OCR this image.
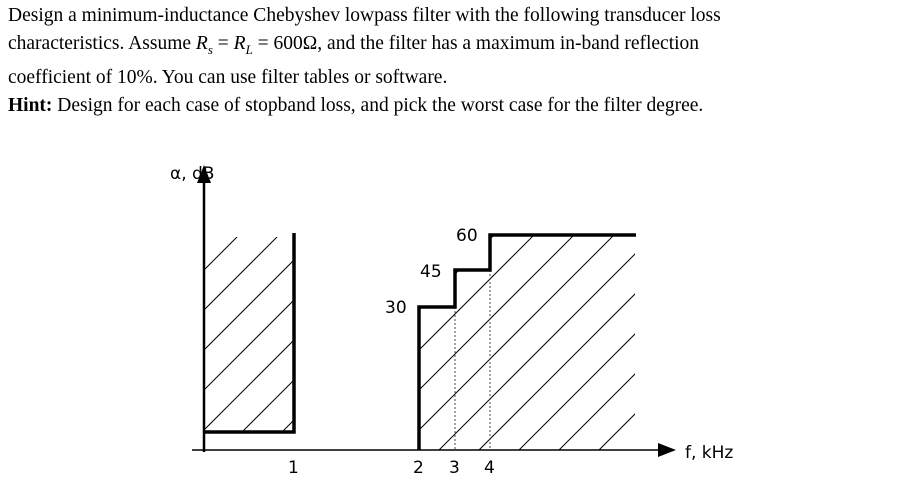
Design a minimum-inductance Chebyshev lowpass filter with the following transducer loss

characteristics. Assume $R_s = R_L = 600\Omega$, and the filter has a maximum in-band reflection

coefficient of 10%. You can use filter tables or software.

Hint: Design for each case of stopband loss, and pick the worst case for the filter degree.

α, dB
f, kHz
1	2 3 4
30
45
60
